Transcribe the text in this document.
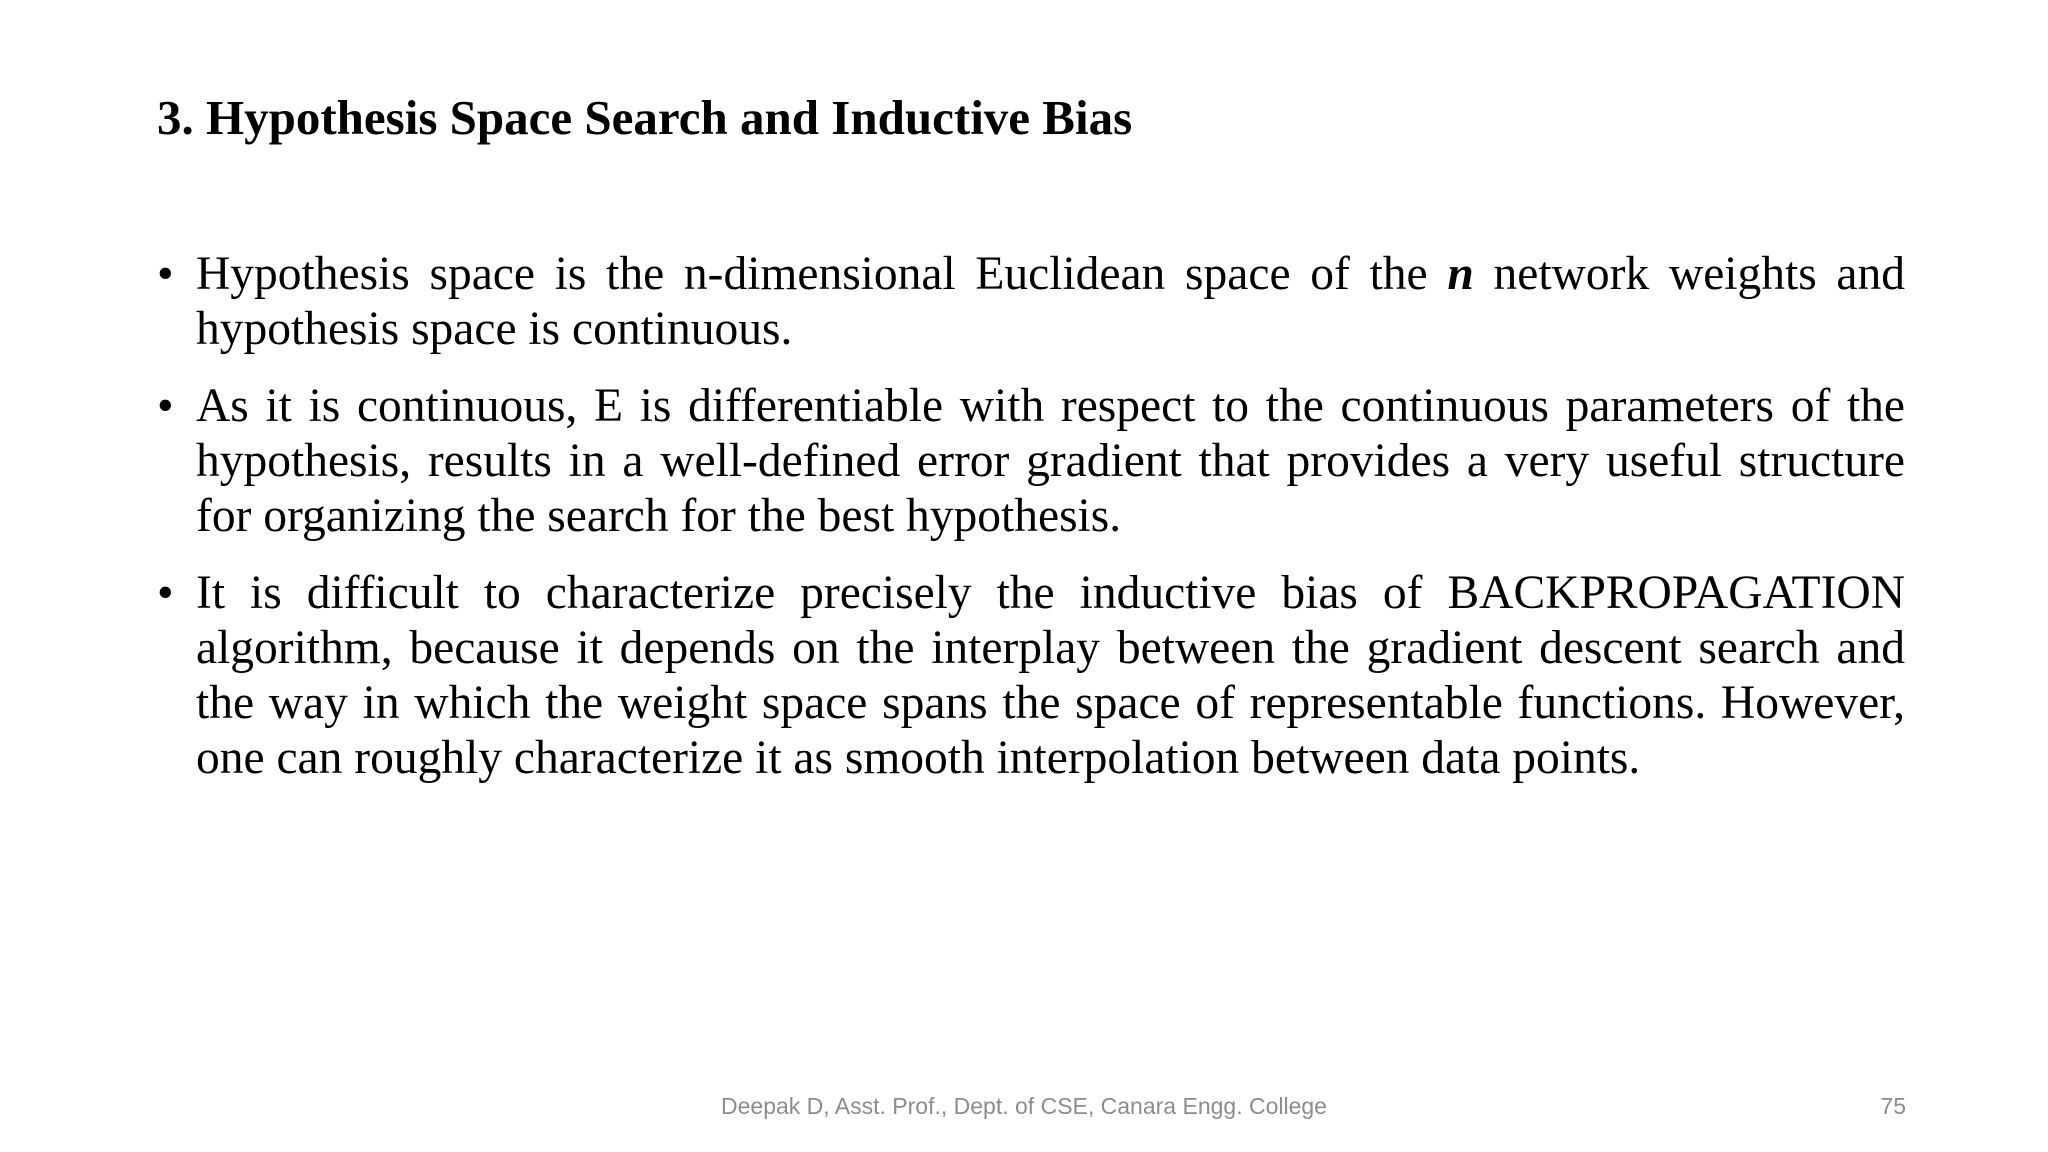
3. Hypothesis Space Search and Inductive Bias
• Hypothesis space is the n-dimensional Euclidean space of the n network weights and hypothesis space is continuous.
• As it is continuous, E is differentiable with respect to the continuous parameters of the hypothesis, results in a well-defined error gradient that provides a very useful structure for organizing the search for the best hypothesis.
• It is difficult to characterize precisely the inductive bias of BACKPROPAGATION algorithm, because it depends on the interplay between the gradient descent search and the way in which the weight space spans the space of representable functions. However, one can roughly characterize it as smooth interpolation between data points.

Deepak D, Asst. Prof., Dept. of CSE, Canara Engg. College	75
